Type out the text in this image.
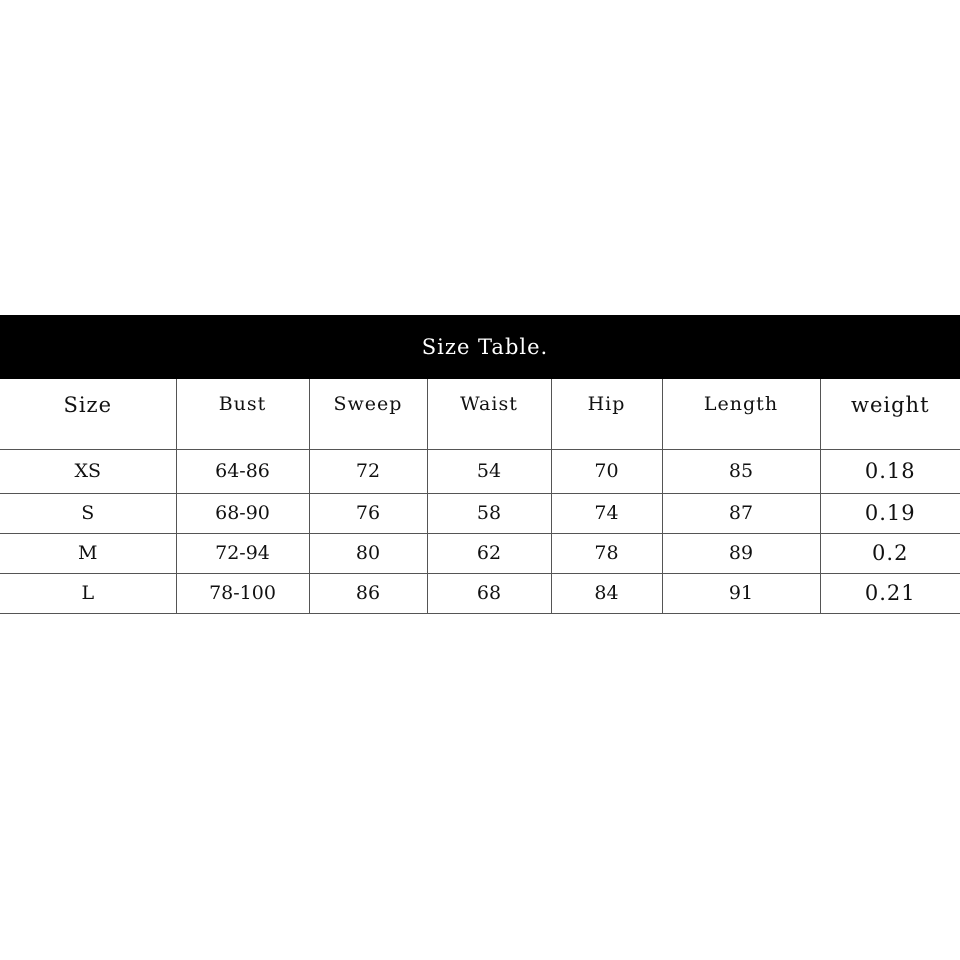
Size Table.
Size	Bust	Sweep	Waist	Hip	Length	weight
XS	64-86	72	54	70	85	0.18
S	68-90	76	58	74	87	0.19
M	72-94	80	62	78	89	0.2
L	78-100	86	68	84	91	0.21
